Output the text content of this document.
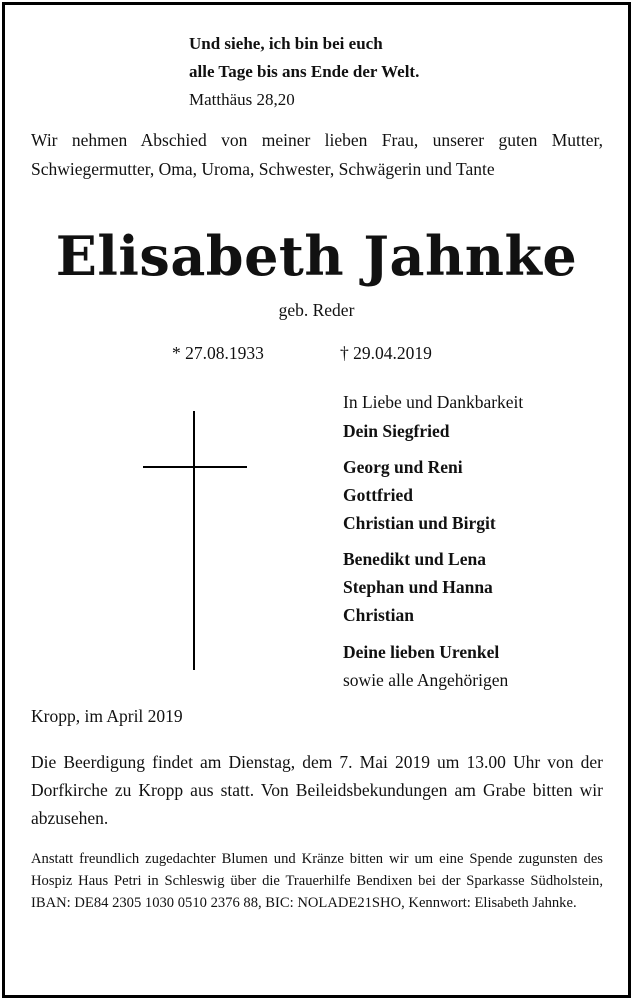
Und siehe, ich bin bei euch
alle Tage bis ans Ende der Welt.
Matthäus 28,20
Wir nehmen Abschied von meiner lieben Frau, unserer guten Mutter, Schwiegermutter, Oma, Uroma, Schwester, Schwägerin und Tante
Elisabeth Jahnke
geb. Reder
* 27.08.1933	† 29.04.2019
In Liebe und Dankbarkeit
Dein Siegfried
Georg und Reni
Gottfried
Christian und Birgit
Benedikt und Lena
Stephan und Hanna
Christian
Deine lieben Urenkel
sowie alle Angehörigen
Kropp, im April 2019
Die Beerdigung findet am Dienstag, dem 7. Mai 2019 um 13.00 Uhr von der Dorfkirche zu Kropp aus statt. Von Beileidsbekundungen am Grabe bitten wir abzusehen.
Anstatt freundlich zugedachter Blumen und Kränze bitten wir um eine Spende zugunsten des Hospiz Haus Petri in Schleswig über die Trauerhilfe Bendixen bei der Sparkasse Südholstein, IBAN: DE84 2305 1030 0510 2376 88, BIC: NOLADE21SHO, Kennwort: Elisabeth Jahnke.
